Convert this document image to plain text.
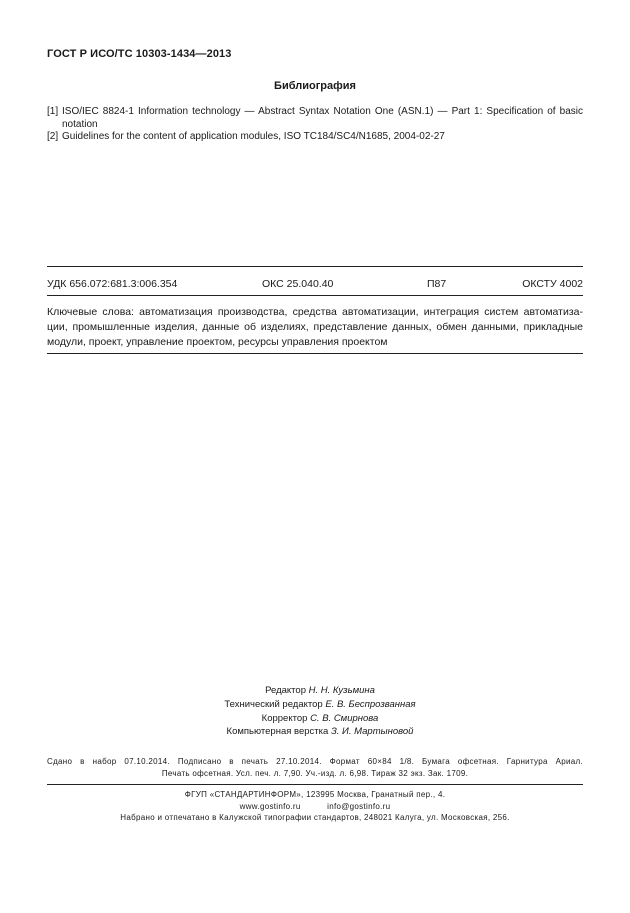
ГОСТ Р ИСО/ТС 10303-1434—2013
Библиография
[1] ISO/IEC 8824-1 Information technology — Abstract Syntax Notation One (ASN.1) — Part 1: Specification of basic notation
[2] Guidelines for the content of application modules, ISO TC184/SC4/N1685, 2004-02-27
УДК 656.072:681.3:006.354	ОКС 25.040.40	П87	ОКСТУ 4002
Ключевые слова: автоматизация производства, средства автоматизации, интеграция систем автоматиза-ции, промышленные изделия, данные об изделиях, представление данных, обмен данными, прикладные модули, проект, управление проектом, ресурсы управления проектом
Редактор Н. Н. Кузьмина
Технический редактор Е. В. Беспрозванная
Корректор С. В. Смирнова
Компьютерная верстка З. И. Мартыновой
Сдано в набор 07.10.2014. Подписано в печать 27.10.2014. Формат 60×84 1/8. Бумага офсетная. Гарнитура Ариал.
Печать офсетная. Усл. печ. л. 7,90. Уч.-изд. л. 6,98. Тираж 32 экз. Зак. 1709.
ФГУП «СТАНДАРТИНФОРМ», 123995 Москва, Гранатный пер., 4.
www.gostinfo.ru	info@gostinfo.ru
Набрано и отпечатано в Калужской типографии стандартов, 248021 Калуга, ул. Московская, 256.
